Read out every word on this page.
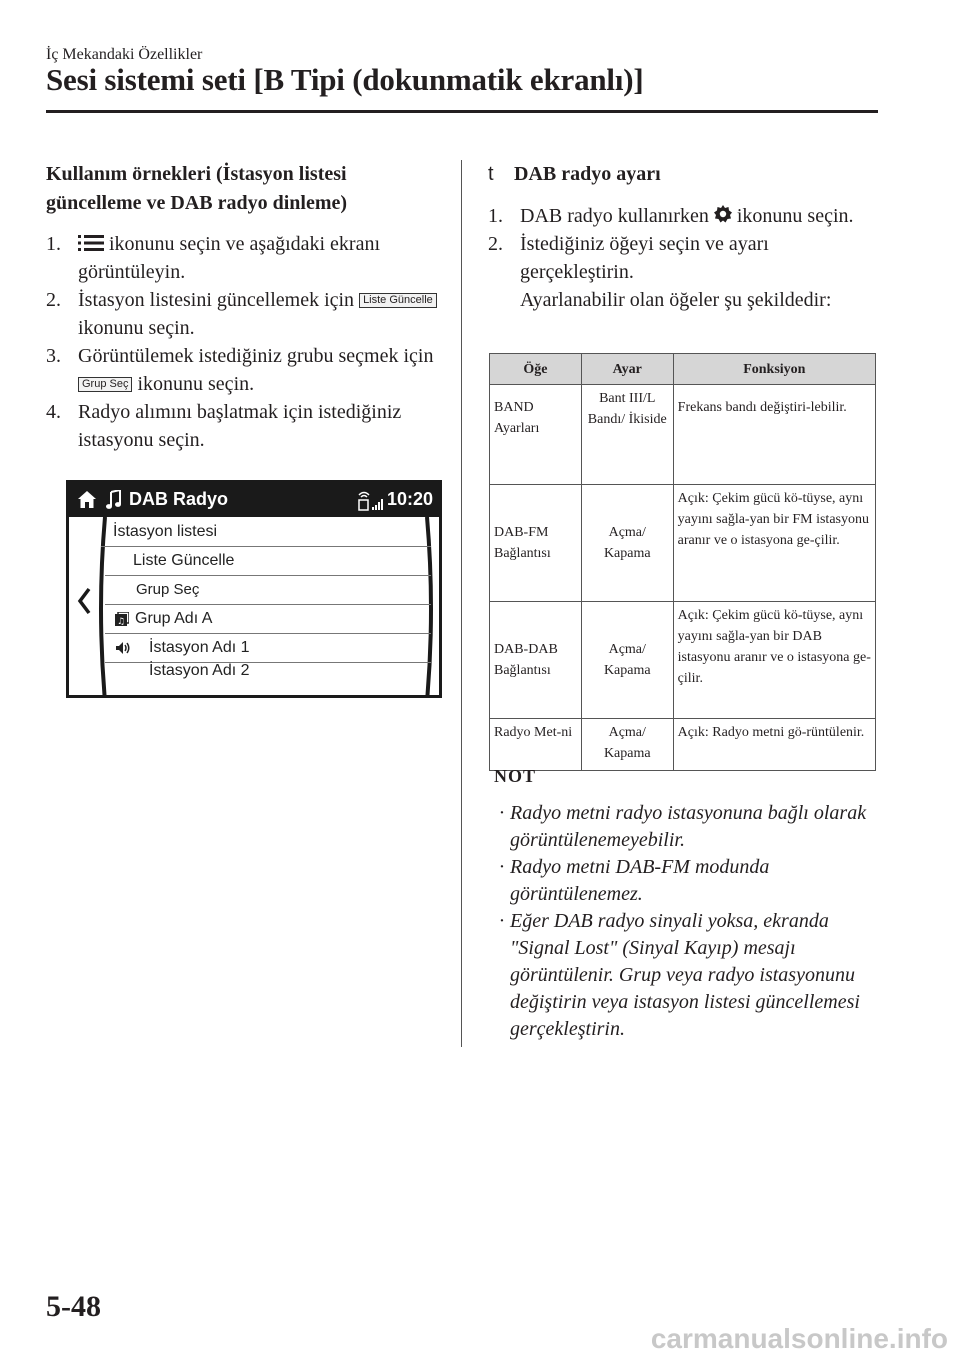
İç Mekandaki Özellikler
Sesi sistemi seti [B Tipi (dokunmatik ekranlı)]
Kullanım örnekleri (İstasyon listesi güncelleme ve DAB radyo dinleme)
1.	ikonunu seçin ve aşağıdaki ekranı görüntüleyin.
2. İstasyon listesini güncellemek için Liste Güncelle ikonunu seçin.
3. Görüntülemek istediğiniz grubu seçmek için Grup Seç ikonunu seçin.
4. Radyo alımını başlatmak için istediğiniz istasyonu seçin.
DAB Radyo	10:20
İstasyon listesi
Liste Güncelle
Grup Seç
♫ Grup Adı A
İstasyon Adı 1
İstasyon Adı 2
t DAB radyo ayarı
1. DAB radyo kullanırken ikonunu seçin.
2. İstediğiniz öğeyi seçin ve ayarı gerçekleştirin.
Ayarlanabilir olan öğeler şu şekildedir:
Öğe	Ayar	Fonksiyon
BAND Ayarları	Bant III/L Bandı/ İkiside	Frekans bandı değiştiri-lebilir.
DAB-FM Bağlantısı	Açma/ Kapama	Açık: Çekim gücü kö-tüyse, aynı yayını sağla-yan bir FM istasyonu aranır ve o istasyona ge-çilir.
DAB-DAB Bağlantısı	Açma/ Kapama	Açık: Çekim gücü kö-tüyse, aynı yayını sağla-yan bir DAB istasyonu aranır ve o istasyona ge-çilir.
Radyo Met-ni	Açma/ Kapama	Açık: Radyo metni gö-rüntülenir.
NOT
· Radyo metni radyo istasyonuna bağlı olarak görüntülenemeyebilir.
· Radyo metni DAB-FM modunda görüntülenemez.
· Eğer DAB radyo sinyali yoksa, ekranda "Signal Lost" (Sinyal Kayıp) mesajı görüntülenir. Grup veya radyo istasyonunu değiştirin veya istasyon listesi güncellemesi gerçekleştirin.
5-48
carmanualsonline.info
